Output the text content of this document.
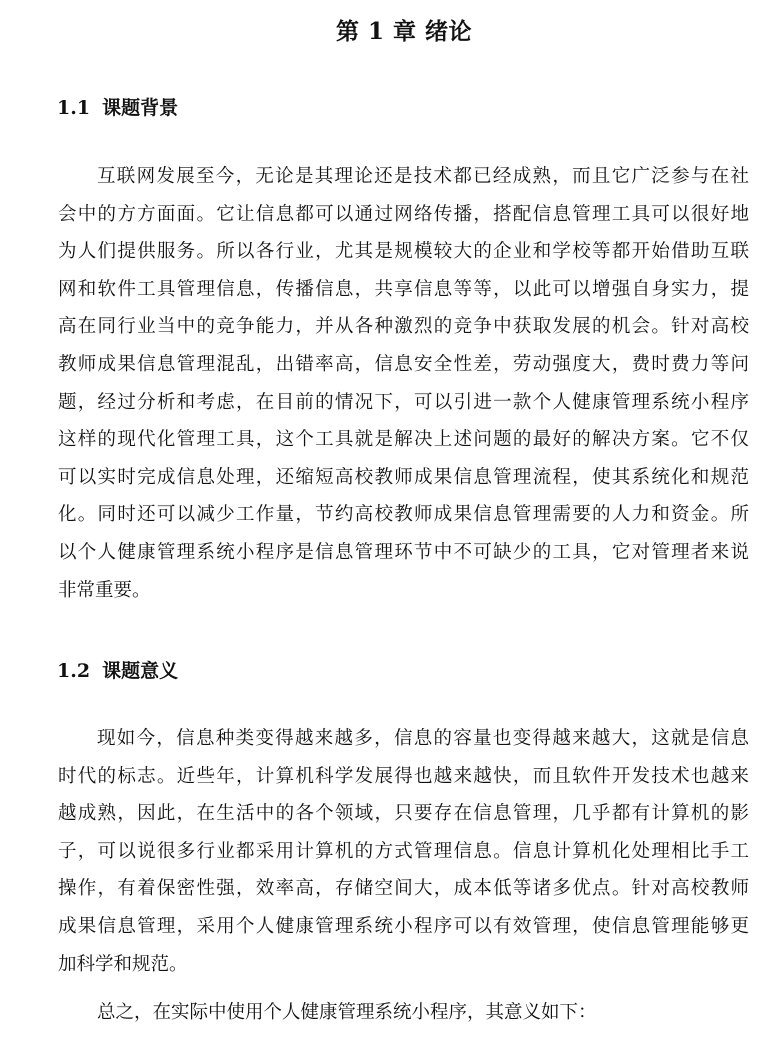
第 1 章 绪论
1.1 课题背景
互联网发展至今，无论是其理论还是技术都已经成熟，而且它广泛参与在社
会中的方方面面。它让信息都可以通过网络传播，搭配信息管理工具可以很好地
为人们提供服务。所以各行业，尤其是规模较大的企业和学校等都开始借助互联
网和软件工具管理信息，传播信息，共享信息等等，以此可以增强自身实力，提
高在同行业当中的竞争能力，并从各种激烈的竞争中获取发展的机会。针对高校
教师成果信息管理混乱，出错率高，信息安全性差，劳动强度大，费时费力等问
题，经过分析和考虑，在目前的情况下，可以引进一款个人健康管理系统小程序
这样的现代化管理工具，这个工具就是解决上述问题的最好的解决方案。它不仅
可以实时完成信息处理，还缩短高校教师成果信息管理流程，使其系统化和规范
化。同时还可以减少工作量，节约高校教师成果信息管理需要的人力和资金。所
以个人健康管理系统小程序是信息管理环节中不可缺少的工具，它对管理者来说
非常重要。
1.2 课题意义
现如今，信息种类变得越来越多，信息的容量也变得越来越大，这就是信息
时代的标志。近些年，计算机科学发展得也越来越快，而且软件开发技术也越来
越成熟，因此，在生活中的各个领域，只要存在信息管理，几乎都有计算机的影
子，可以说很多行业都采用计算机的方式管理信息。信息计算机化处理相比手工
操作，有着保密性强，效率高，存储空间大，成本低等诸多优点。针对高校教师
成果信息管理，采用个人健康管理系统小程序可以有效管理，使信息管理能够更
加科学和规范。
总之，在实际中使用个人健康管理系统小程序，其意义如下：
